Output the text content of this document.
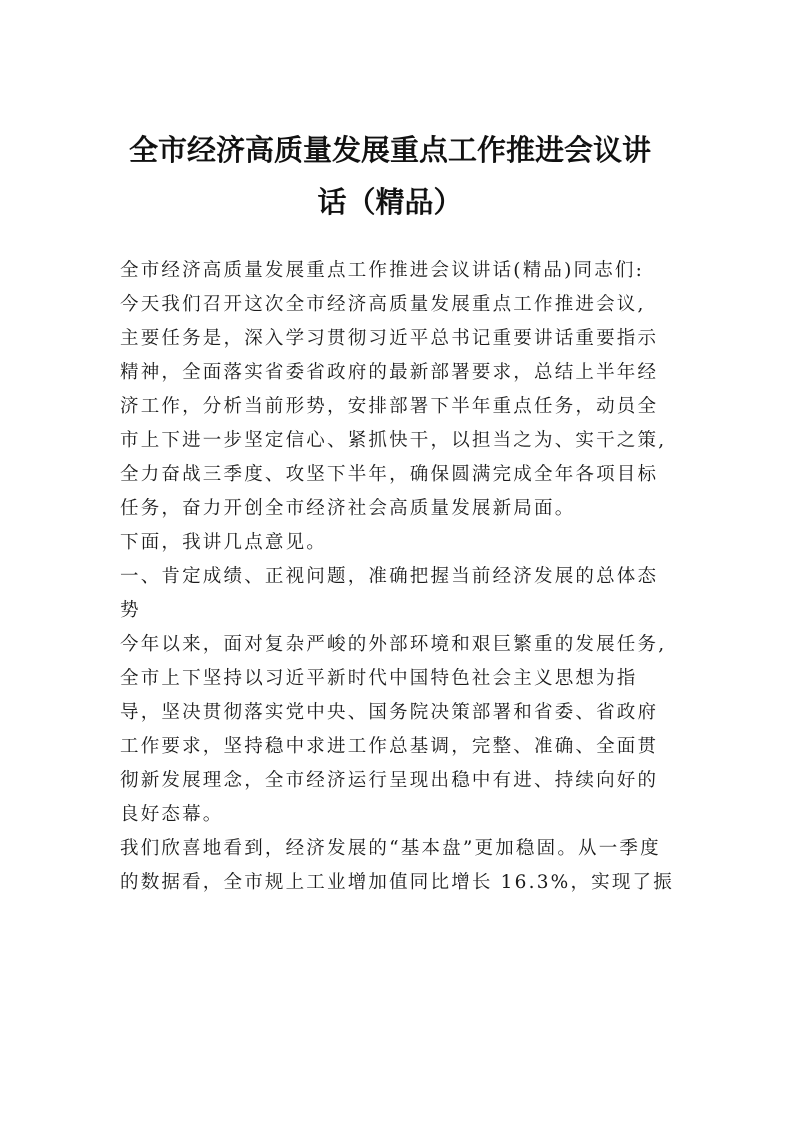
全市经济高质量发展重点工作推进会议讲
话（精品）

全市经济高质量发展重点工作推进会议讲话(精品)同志们:
今天我们召开这次全市经济高质量发展重点工作推进会议,
主要任务是，深入学习贯彻习近平总书记重要讲话重要指示
精神，全面落实省委省政府的最新部署要求，总结上半年经
济工作，分析当前形势，安排部署下半年重点任务，动员全
市上下进一步坚定信心、紧抓快干，以担当之为、实干之策,
全力奋战三季度、攻坚下半年，确保圆满完成全年各项目标
任务，奋力开创全市经济社会高质量发展新局面。

下面，我讲几点意见。

一、肯定成绩、正视问题，准确把握当前经济发展的总体态
势

今年以来，面对复杂严峻的外部环境和艰巨繁重的发展任务,
全市上下坚持以习近平新时代中国特色社会主义思想为指
导，坚决贯彻落实党中央、国务院决策部署和省委、省政府
工作要求，坚持稳中求进工作总基调，完整、准确、全面贯
彻新发展理念，全市经济运行呈现出稳中有进、持续向好的
良好态幕。

我们欣喜地看到，经济发展的“基本盘”更加稳固。从一季度
的数据看，全市规上工业增加值同比增长 16.3%，实现了振
